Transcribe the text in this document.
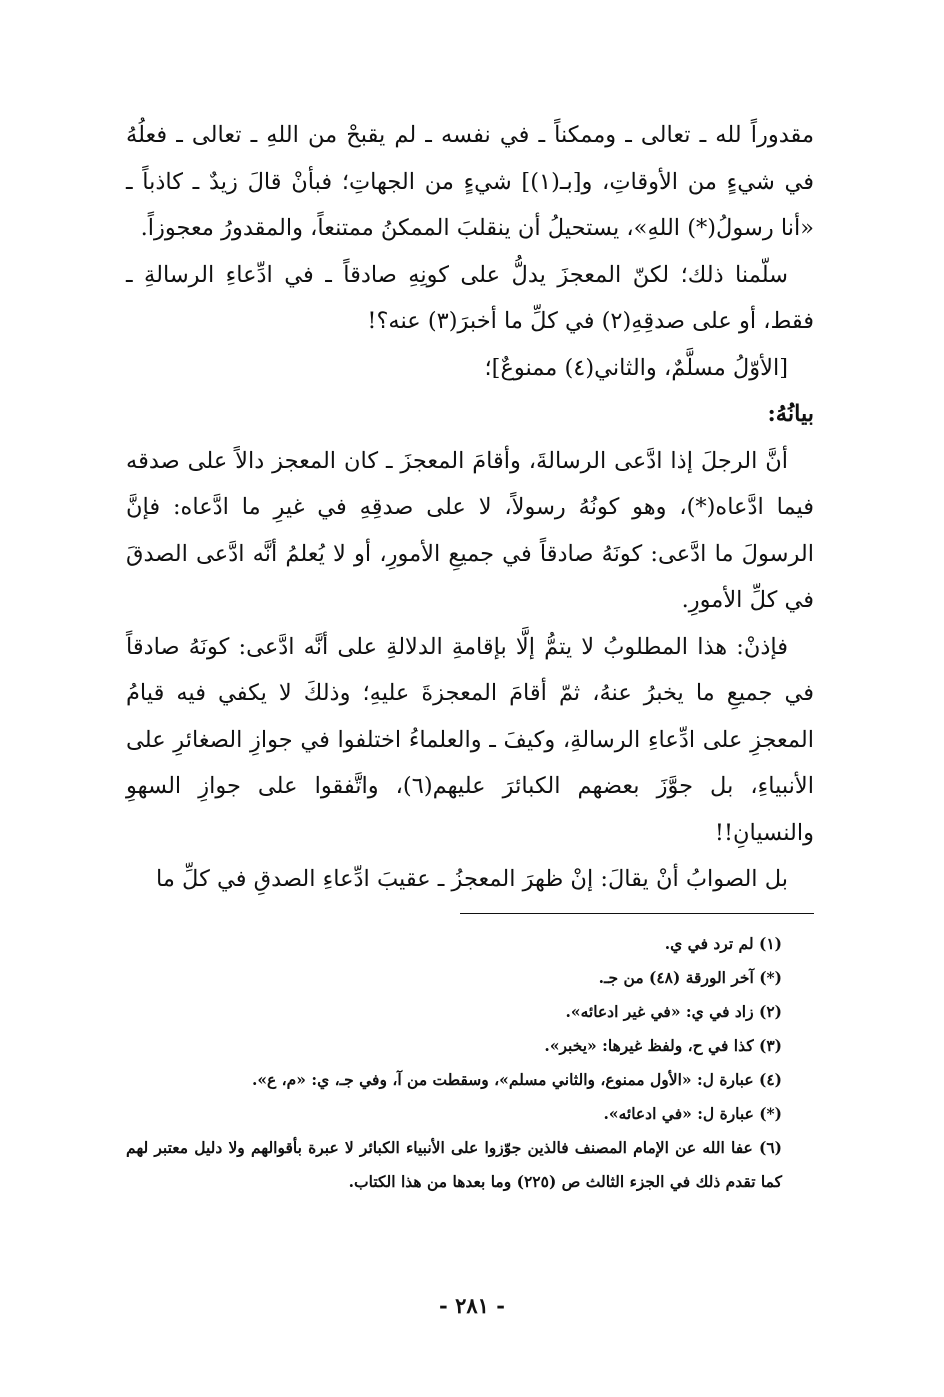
مقدوراً لله ـ تعالى ـ وممكناً ـ في نفسه ـ لم يقبحْ من اللهِ ـ تعالى ـ فعلُهُ في شيءٍ من الأوقاتِ، و[بـ(١)] شيءٍ من الجهاتِ؛ فبأنْ قالَ زيدٌ ـ كاذباً ـ «أنا رسولُ(*) اللهِ»، يستحيلُ أن ينقلبَ الممكنُ ممتنعاً، والمقدورُ معجوزاً.

سلّمنا ذلك؛ لكنّ المعجزَ يدلُّ على كونِهِ صادقاً ـ في ادِّعاءِ الرسالةِ ـ فقط، أو على صدقِهِ(٢) في كلِّ ما أخبرَ(٣) عنه؟!

[الأوّلُ مسلَّمٌ، والثاني(٤) ممنوعٌ]؛

بيانُهُ:

أنَّ الرجلَ إذا ادَّعى الرسالةَ، وأقامَ المعجزَ ـ كان المعجز دالاً على صدقه فيما ادَّعاه(*)، وهو كونُهُ رسولاً، لا على صدقِهِ في غيرِ ما ادَّعاه: فإنَّ الرسولَ ما ادَّعى: كونَهُ صادقاً في جميعِ الأمورِ، أو لا يُعلمُ أنَّه ادَّعى الصدقَ في كلِّ الأمورِ.

فإذنْ: هذا المطلوبُ لا يتمُّ إلَّا بإقامةِ الدلالةِ على أنَّه ادَّعى: كونَهُ صادقاً في جميعِ ما يخبرُ عنهُ، ثمّ أقامَ المعجزةَ عليهِ؛ وذلكَ لا يكفي فيه قيامُ المعجزِ على ادِّعاءِ الرسالةِ، وكيفَ ـ والعلماءُ اختلفوا في جوازِ الصغائرِ على الأنبياءِ، بل جوَّزَ بعضهم الكبائرَ عليهم(٦)، واتَّفقوا على جوازِ السهوِ والنسيانِ!!

بل الصوابُ أنْ يقالَ: إنْ ظهرَ المعجزُ ـ عقيبَ ادِّعاءِ الصدقِ في كلِّ ما

(١) لم ترد في ي.

(*) آخر الورقة (٤٨) من جـ.

(٢) زاد في ي: «في غير ادعائه».

(٣) كذا في ح، ولفظ غيرها: «يخبر».

(٤) عبارة ل: «الأول ممنوع، والثاني مسلم»، وسقطت من آ، وفي جـ، ي: «م، ع».

(*) عبارة ل: «في ادعائه».

(٦) عفا الله عن الإمام المصنف فالذين جوّزوا على الأنبياء الكبائر لا عبرة بأقوالهم ولا دليل معتبر لهم كما تقدم ذلك في الجزء الثالث ص (٢٢٥) وما بعدها من هذا الكتاب.

- ٢٨١ -
